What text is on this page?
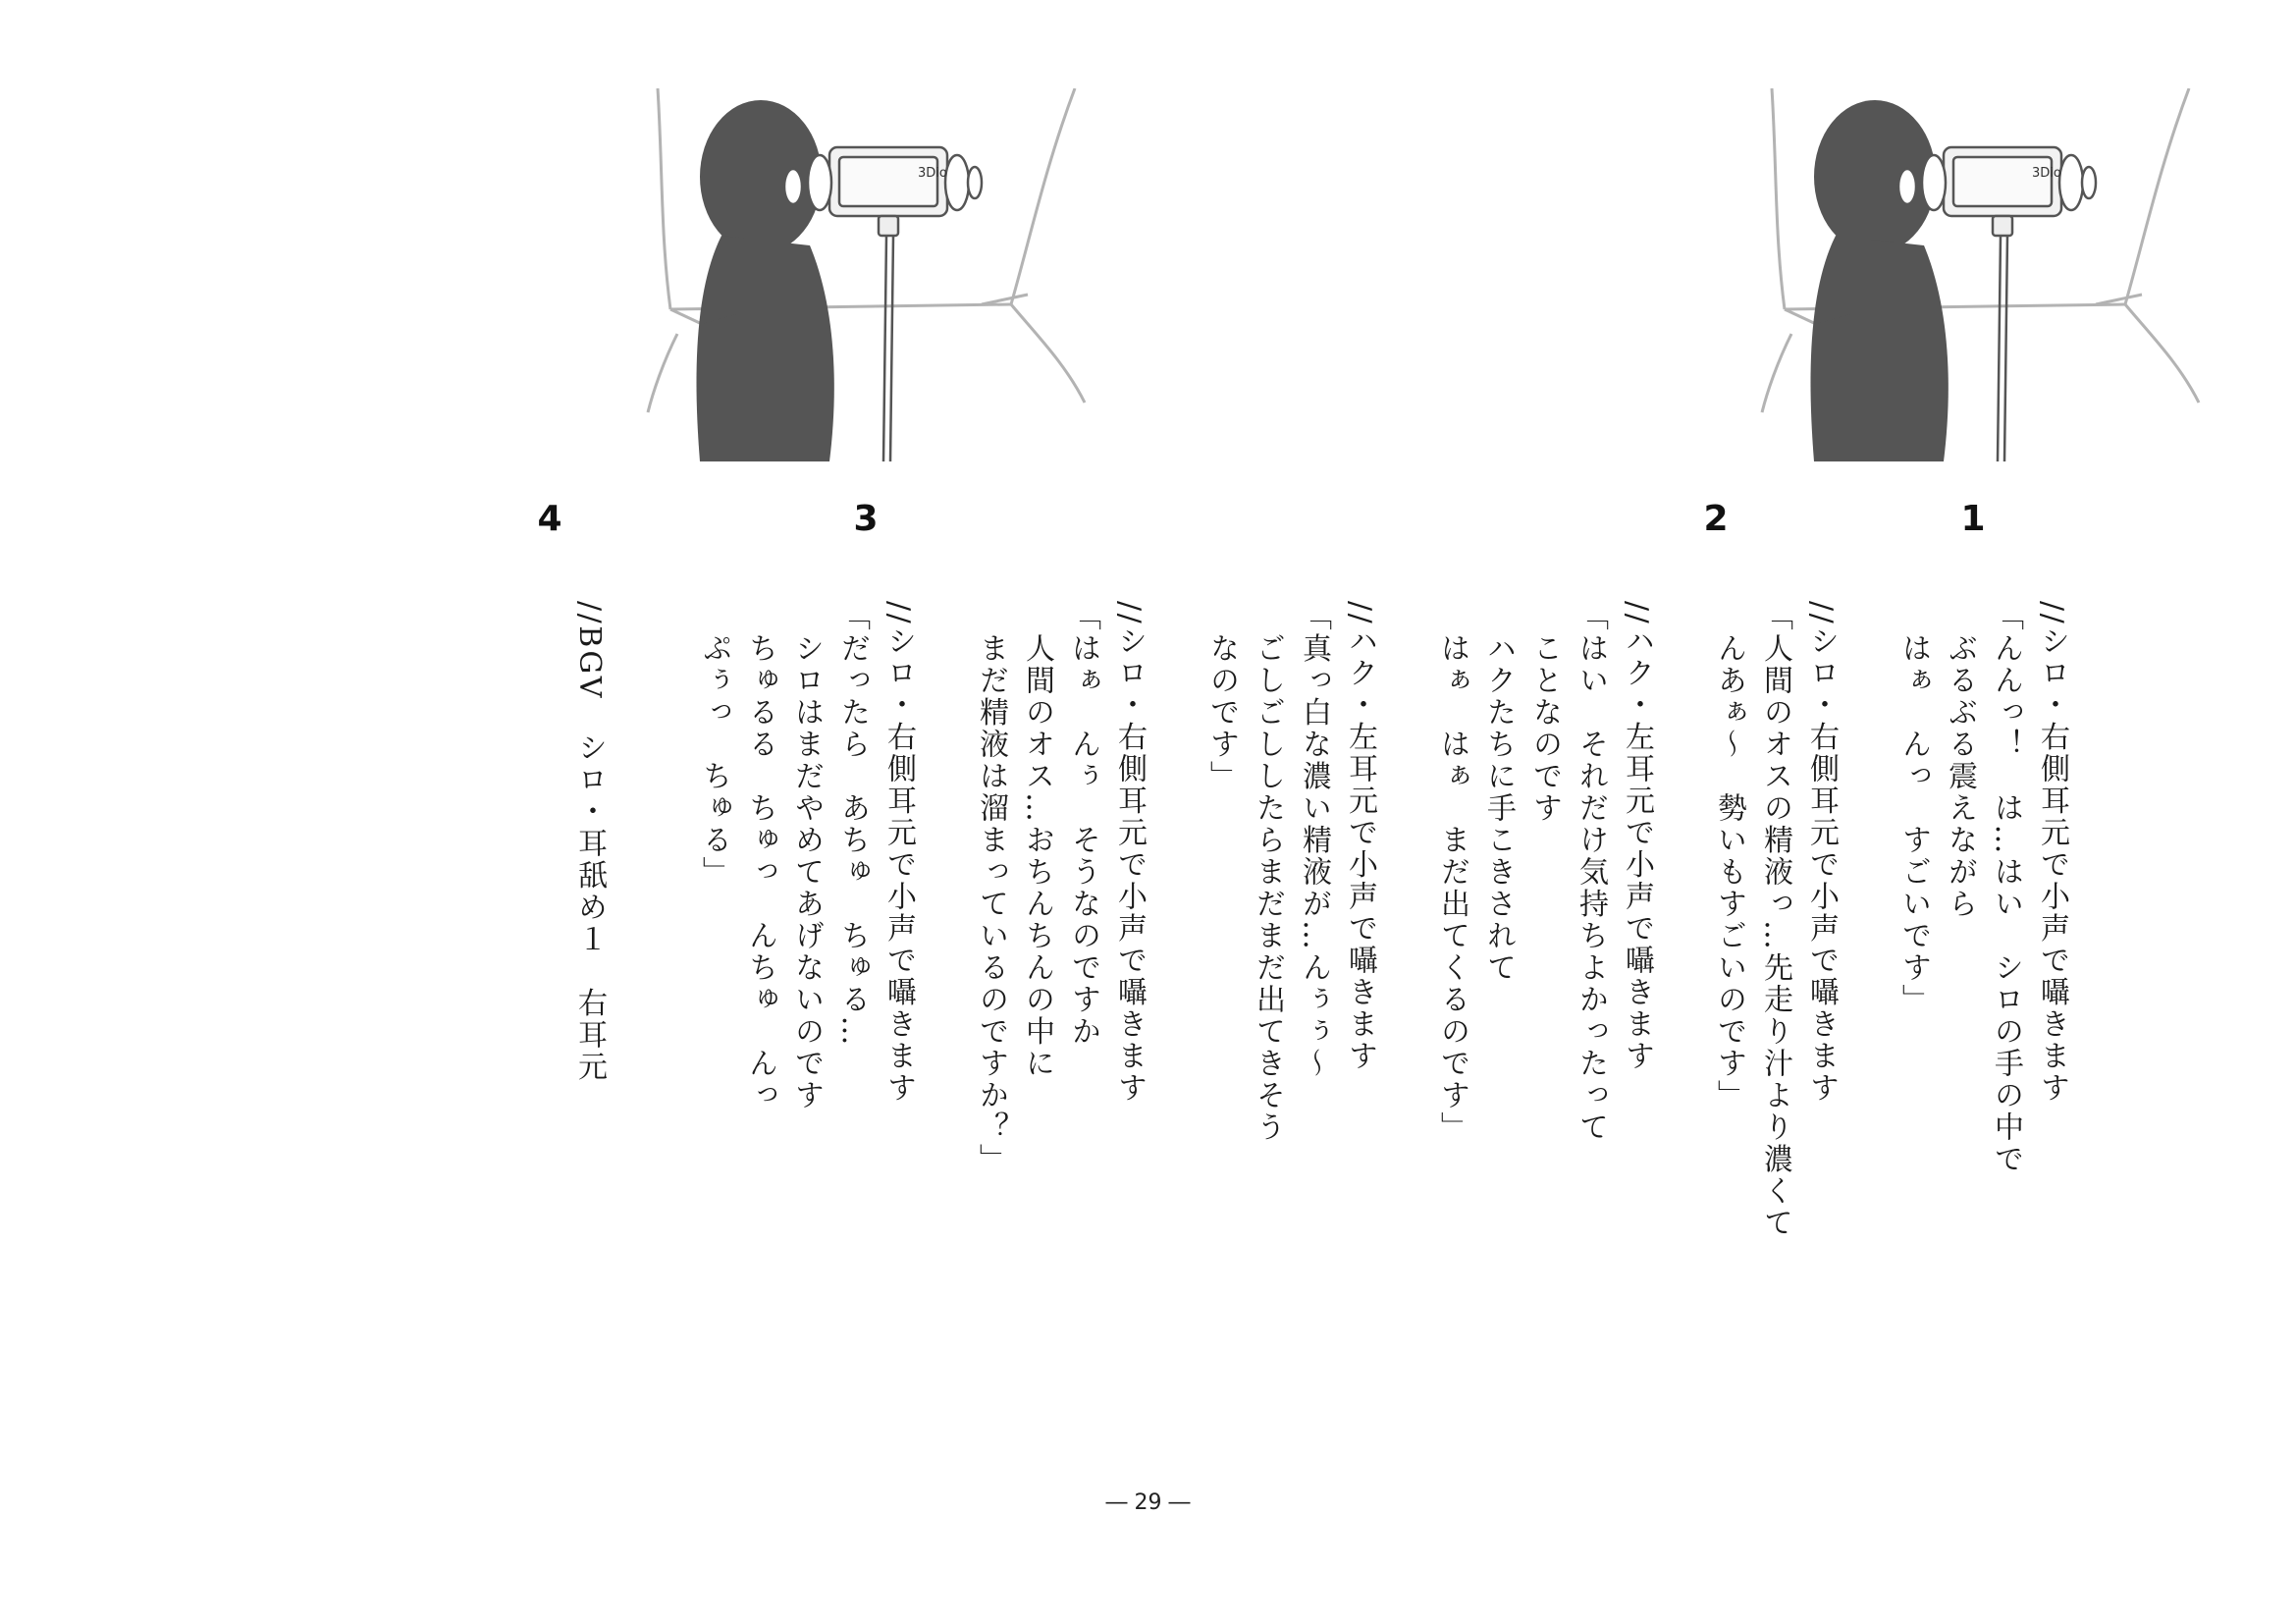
3Dio	3Dio
1
2
3
4
//シロ・右側耳元で小声で囁きます
「んんっ！　は…はい　シロの手の中で
　ぶるぶる震えながら
　はぁ　んっ　すごいです」
//シロ・右側耳元で小声で囁きます
「人間のオスの精液っ…先走り汁より濃くて
　んあぁ～　勢いもすごいのです」
//ハク・左耳元で小声で囁きます
「はい　それだけ気持ちよかったって
　ことなのです
　ハクたちに手こきされて
　はぁ　はぁ　まだ出てくるのです」
//ハク・左耳元で小声で囁きます
「真っ白な濃い精液が…んぅぅ～
　ごしごししたらまだまだ出てきそう
　なのです」
//シロ・右側耳元で小声で囁きます
「はぁ　んぅ　そうなのですか
　人間のオス…おちんちんの中に
　まだ精液は溜まっているのですか？」
//シロ・右側耳元で小声で囁きます
「だったら　あちゅ　ちゅる…
　シロはまだやめてあげないのです
　ちゅるる　ちゅっ　んちゅ　んっ
　ぷぅっ　ちゅる」
//BGV　シロ・耳舐め１　右耳元
― 29 ―
